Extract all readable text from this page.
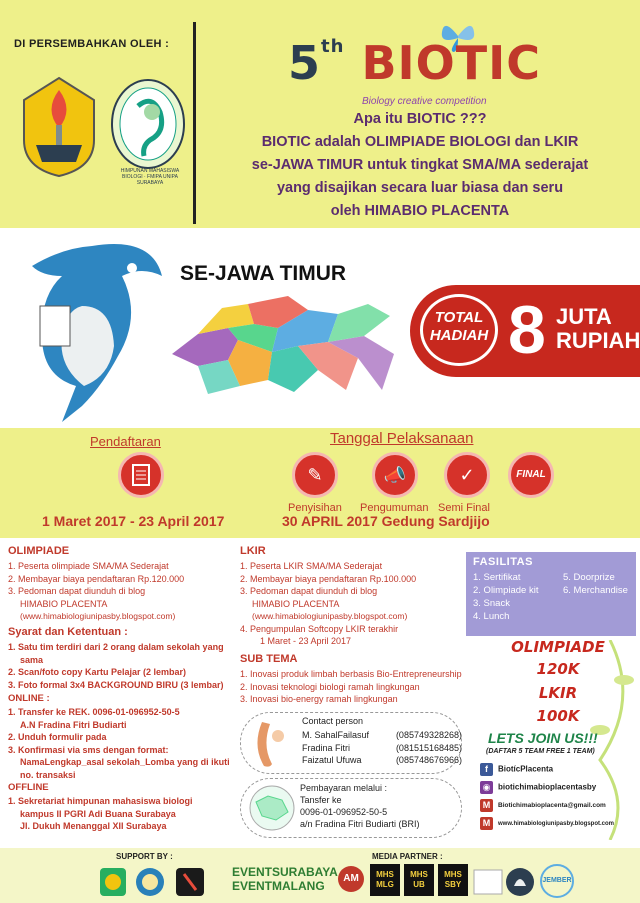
DI PERSEMBAHKAN OLEH :
HIMPUNAN MAHASISWA BIOLOGI · FMIPA UNIPA SURABAYA
5th BIOTIC
Biology creative competition
Apa itu BIOTIC ???
BIOTIC adalah OLIMPIADE BIOLOGI dan LKIR
se-JAWA TIMUR untuk tingkat SMA/MA sederajat
yang disajikan secara luar biasa dan seru
oleh HIMABIO PLACENTA
SE-JAWA TIMUR
TOTAL
HADIAH 8 JUTA
RUPIAH
Pendaftaran	Tanggal Pelaksanaan
✎	📣	✓	FINAL
Penyisihan Pengumuman Semi Final
1 Maret 2017 - 23 April 2017	30 APRIL 2017 Gedung Sardjijo
OLIMPIADE
1. Peserta olimpiade SMA/MA Sederajat
2. Membayar biaya pendaftaran Rp.120.000
3. Pedoman dapat diunduh di blog
HIMABIO PLACENTA
(www.himabiologiunipasby.blogspot.com)
Syarat dan Ketentuan :
1. Satu tim terdiri dari 2 orang dalam sekolah yang
sama
2. Scan/foto copy Kartu Pelajar (2 lembar)
3. Foto formal 3x4 BACKGROUND BIRU (3 lembar)
ONLINE :
1. Transfer ke REK. 0096-01-096952-50-5
A.N Fradina Fitri Budiarti
2. Unduh formulir pada
3. Konfirmasi via sms dengan format:
NamaLengkap_asal sekolah_Lomba yang di ikuti
no. transaksi
OFFLINE
1. Sekretariat himpunan mahasiswa biologi
kampus II PGRI Adi Buana Surabaya
Jl. Dukuh Menanggal XII Surabaya
LKIR
1. Peserta LKIR SMA/MA Sederajat
2. Membayar biaya pendaftaran Rp.100.000
3. Pedoman dapat diunduh di blog
HIMABIO PLACENTA
(www.himabiologiunipasby.blogspot.com)
4. Pengumpulan Softcopy LKIR terakhir
1 Maret - 23 April 2017
SUB TEMA
1. Inovasi produk limbah berbasis Bio-Entrepreneurship
2. Inovasi teknologi biologi ramah lingkungan
3. Inovasi bio-energy ramah lingkungan
FASILITAS
1. Sertifikat
2. Olimpiade kit
3. Snack
4. Lunch
5. Doorprize
6. Merchandise
OLIMPIADE
120K
LKIR
100K
LETS JOIN US!!!
(DAFTAR 5 TEAM FREE 1 TEAM)
f BiotícPlacenta
◉ biotichimabioplacentasby
M Biotichimabioplacenta@gmail.com
M www.himabiologiunipasby.blogspot.com
Contact person
M. SahalFailasuf	(085749328268)
Fradina Fitri	(081515168485)
Faizatul Ufuwa	(085748676966)
Pembayaran melalui :
Tansfer ke
0096-01-096952-50-5
a/n Fradina Fitri Budiarti (BRI)
SUPPORT BY :	MEDIA PARTNER :
EVENTSURABAYA
EVENTMALANG
AM	MHS MLG
MHS UB
MHS SBY	JEMBER
